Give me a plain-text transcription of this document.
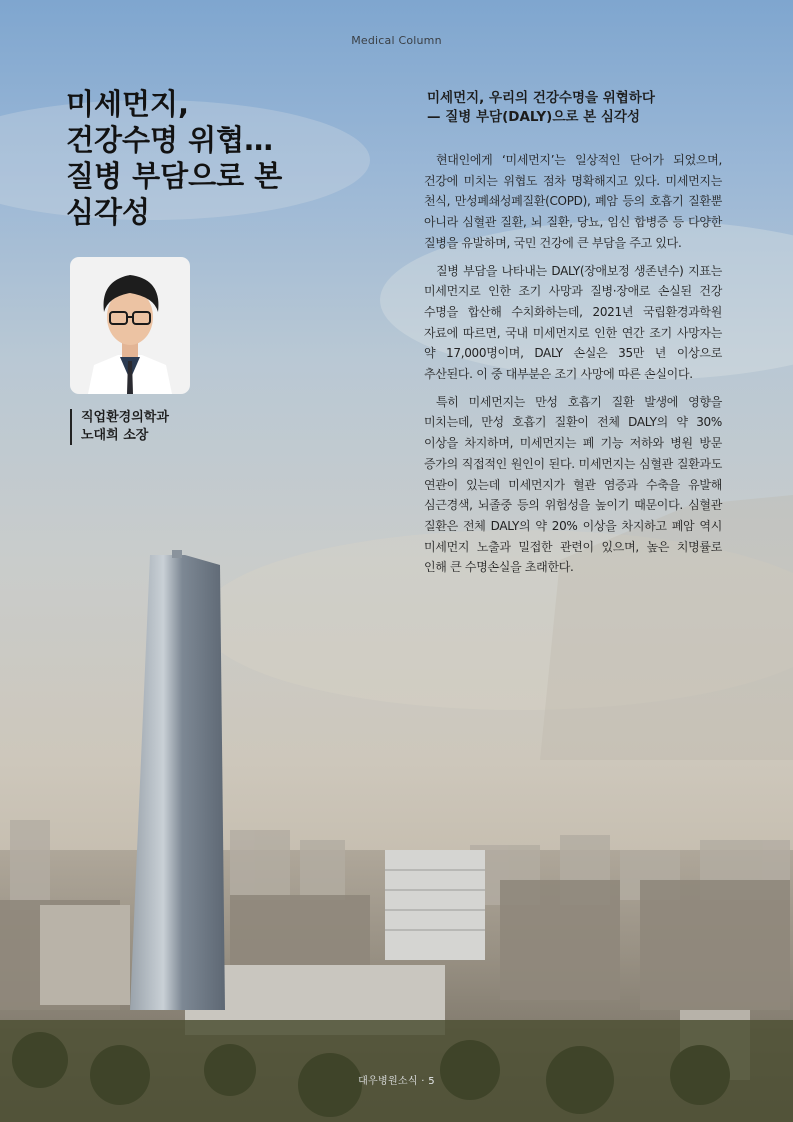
Medical Column
미세먼지,
건강수명 위협…
질병 부담으로 본
심각성
직업환경의학과
노대희 소장
미세먼지, 우리의 건강수명을 위협하다
— 질병 부담(DALY)으로 본 심각성

현대인에게 ‘미세먼지’는 일상적인 단어가 되었으며, 건강에 미치는 위협도 점차 명확해지고 있다. 미세먼지는 천식, 만성폐쇄성폐질환(COPD), 폐암 등의 호흡기 질환뿐 아니라 심혈관 질환, 뇌 질환, 당뇨, 임신 합병증 등 다양한 질병을 유발하며, 국민 건강에 큰 부담을 주고 있다.

질병 부담을 나타내는 DALY(장애보정 생존년수) 지표는 미세먼지로 인한 조기 사망과 질병·장애로 손실된 건강 수명을 합산해 수치화하는데, 2021년 국립환경과학원 자료에 따르면, 국내 미세먼지로 인한 연간 조기 사망자는 약 17,000명이며, DALY 손실은 35만 년 이상으로 추산된다. 이 중 대부분은 조기 사망에 따른 손실이다.

특히 미세먼지는 만성 호흡기 질환 발생에 영향을 미치는데, 만성 호흡기 질환이 전체 DALY의 약 30% 이상을 차지하며, 미세먼지는 폐 기능 저하와 병원 방문 증가의 직접적인 원인이 된다. 미세먼지는 심혈관 질환과도 연관이 있는데 미세먼지가 혈관 염증과 수축을 유발해 심근경색, 뇌졸중 등의 위험성을 높이기 때문이다. 심혈관 질환은 전체 DALY의 약 20% 이상을 차지하고 폐암 역시 미세먼지 노출과 밀접한 관련이 있으며, 높은 치명률로 인해 큰 수명손실을 초래한다.

대우병원소식 · 5
